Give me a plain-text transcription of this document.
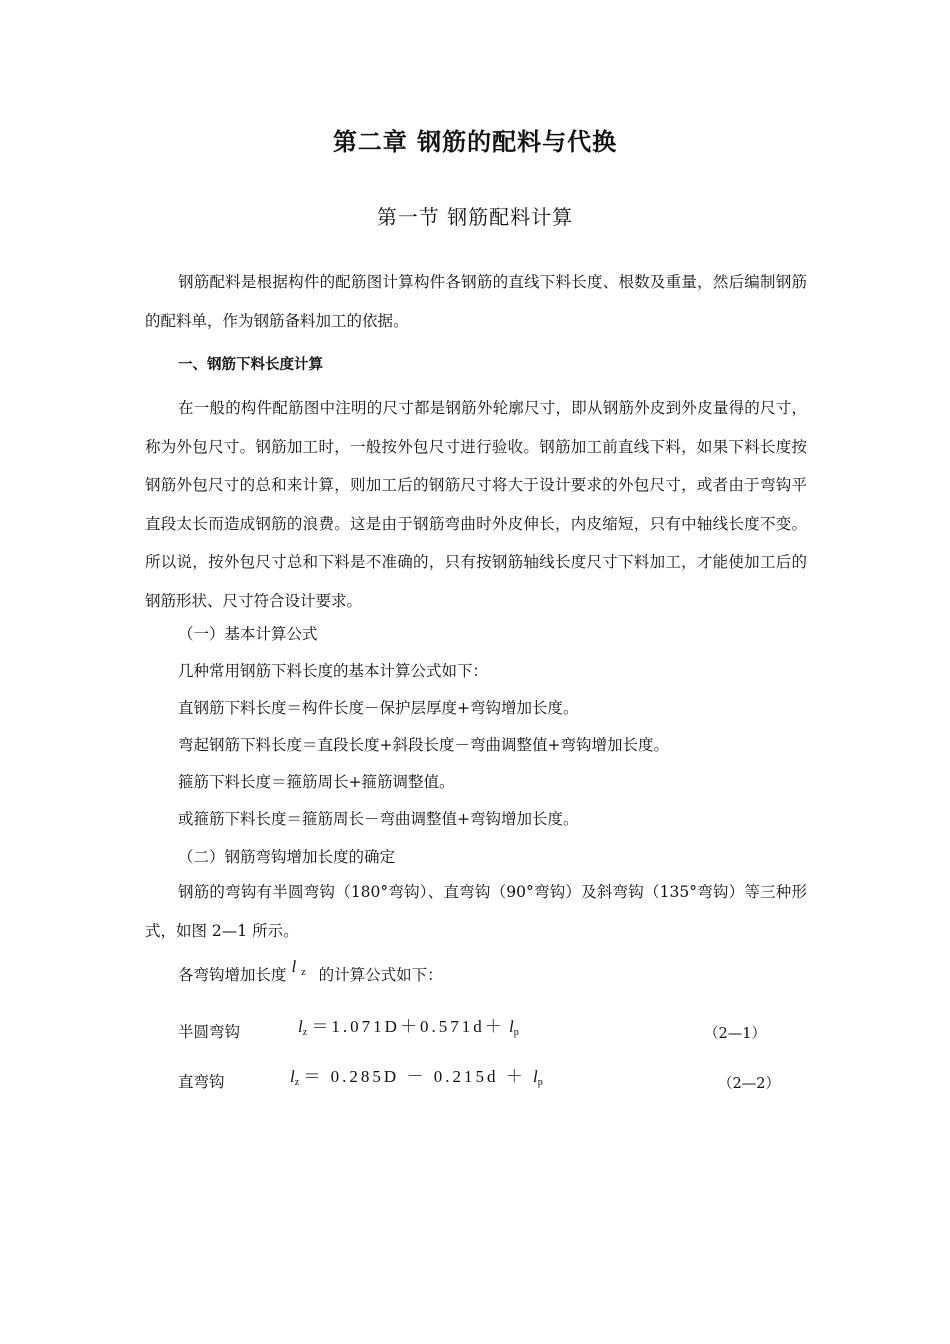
第二章 钢筋的配料与代换
第一节 钢筋配料计算

钢筋配料是根据构件的配筋图计算构件各钢筋的直线下料长度、根数及重量，然后编制钢筋的配料单，作为钢筋备料加工的依据。

一、钢筋下料长度计算

在一般的构件配筋图中注明的尺寸都是钢筋外轮廓尺寸，即从钢筋外皮到外皮量得的尺寸，称为外包尺寸。钢筋加工时，一般按外包尺寸进行验收。钢筋加工前直线下料，如果下料长度按钢筋外包尺寸的总和来计算，则加工后的钢筋尺寸将大于设计要求的外包尺寸，或者由于弯钩平直段太长而造成钢筋的浪费。这是由于钢筋弯曲时外皮伸长，内皮缩短，只有中轴线长度不变。所以说，按外包尺寸总和下料是不准确的，只有按钢筋轴线长度尺寸下料加工，才能使加工后的钢筋形状、尺寸符合设计要求。

（一）基本计算公式

几种常用钢筋下料长度的基本计算公式如下：

直钢筋下料长度＝构件长度－保护层厚度+弯钩增加长度。

弯起钢筋下料长度＝直段长度+斜段长度－弯曲调整值+弯钩增加长度。

箍筋下料长度＝箍筋周长+箍筋调整值。

或箍筋下料长度＝箍筋周长－弯曲调整值+弯钩增加长度。

（二）钢筋弯钩增加长度的确定

钢筋的弯钩有半圆弯钩（180°弯钩）、直弯钩（90°弯钩）及斜弯钩（135°弯钩）等三种形式，如图 2—1 所示。

各弯钩增加长度 l $_z$ 的计算公式如下：

半圆弯钩	$l_z =1.071D+0.571d+ l_p$	（2—1）
直弯钩	$l_z = 0.285D - 0.215d + l_p$	（2—2）
